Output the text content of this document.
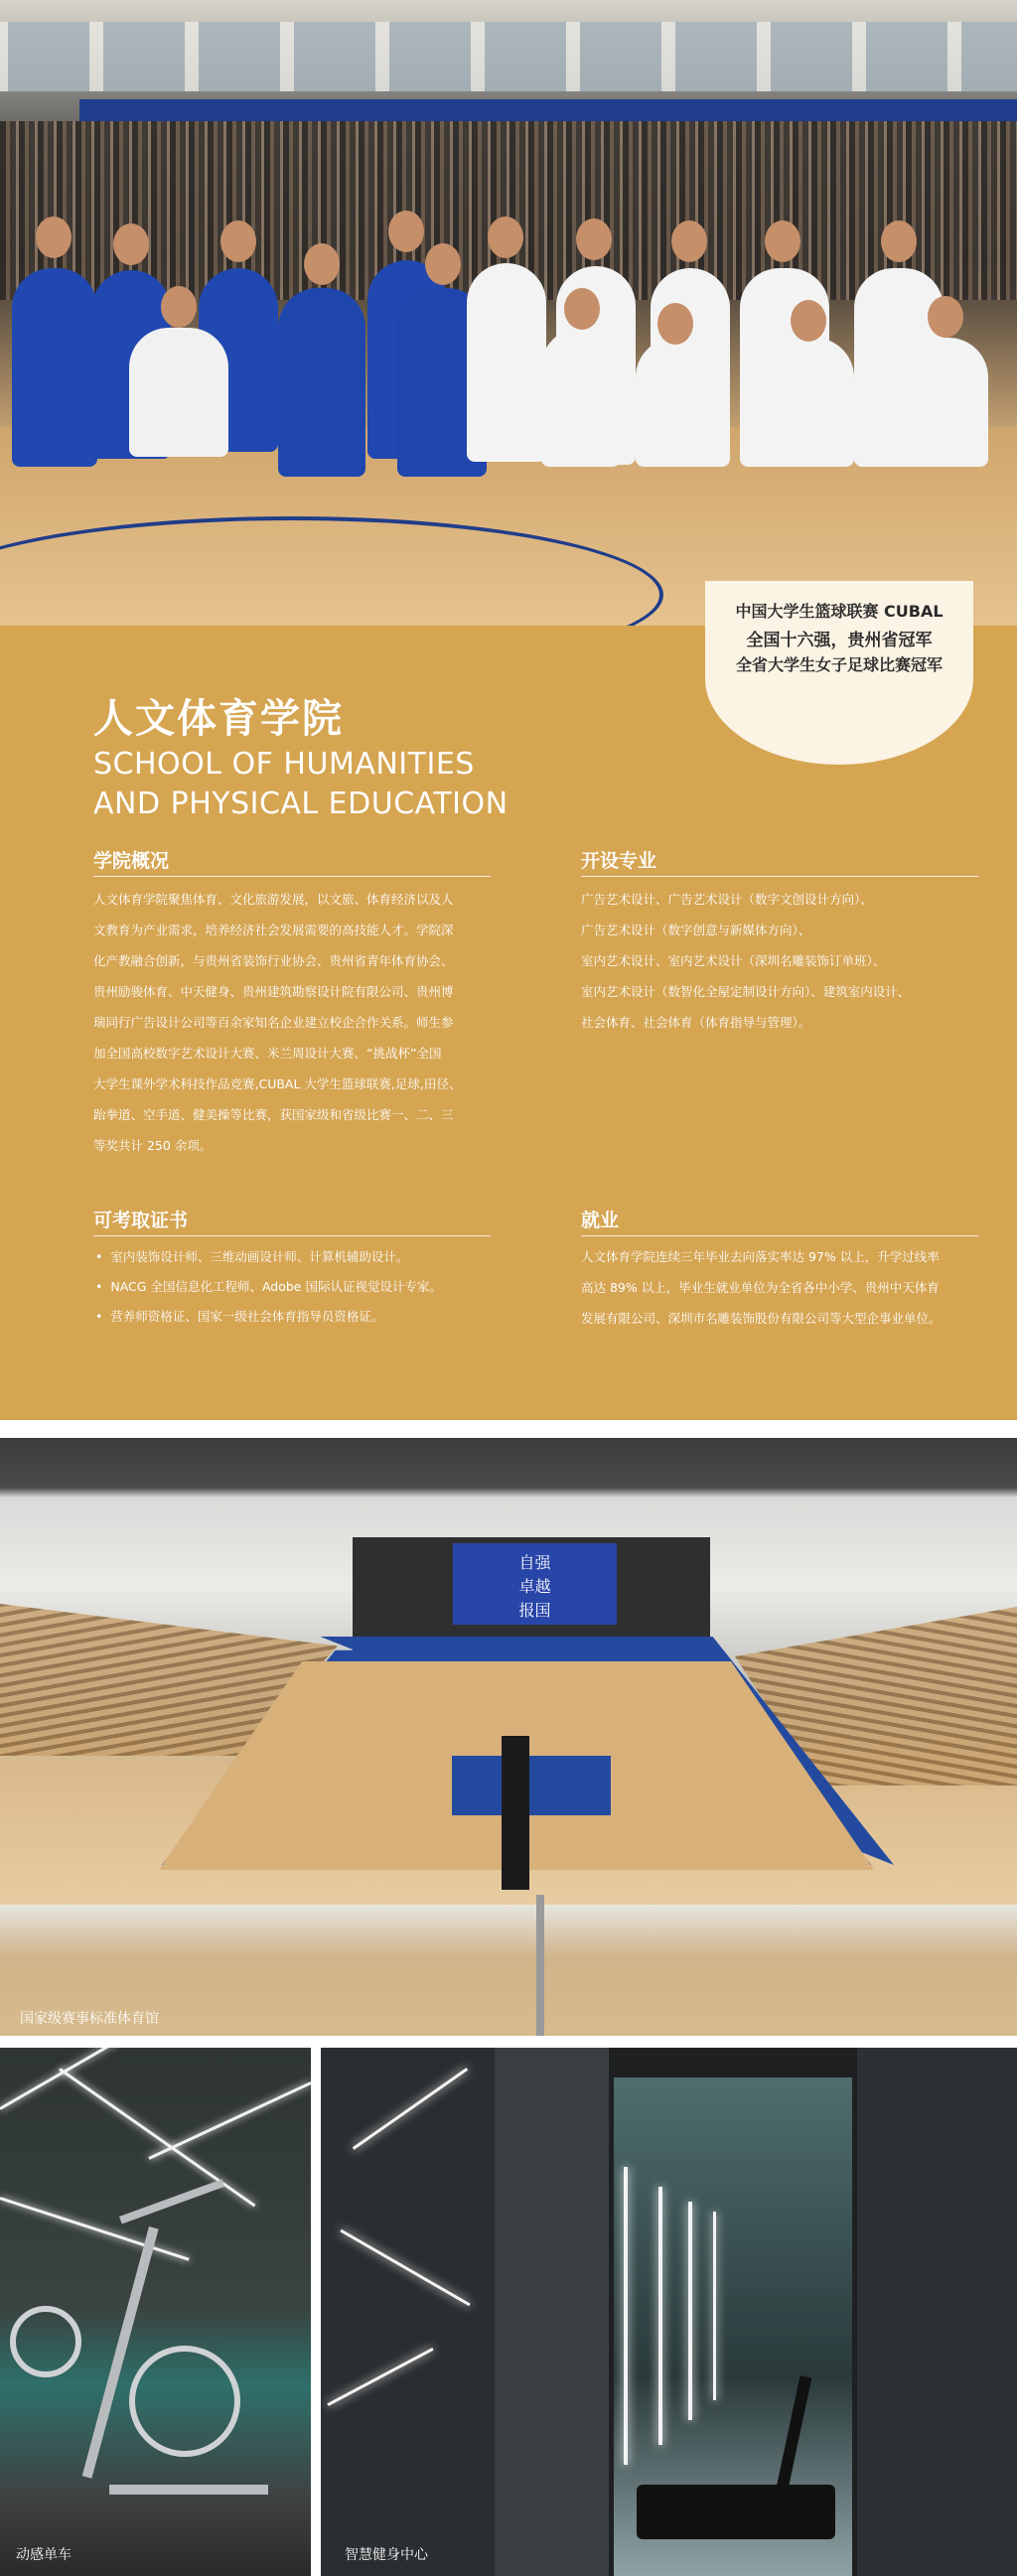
中国大学生篮球联赛 CUBAL
全国十六强，贵州省冠军
全省大学生女子足球比赛冠军
人文体育学院
SCHOOL OF HUMANITIES
AND PHYSICAL EDUCATION
学院概况
人文体育学院聚焦体育、文化旅游发展，以文旅、体育经济以及人
文教育为产业需求，培养经济社会发展需要的高技能人才。学院深
化产教融合创新，与贵州省装饰行业协会、贵州省青年体育协会、
贵州励骏体育、中天健身、贵州建筑勘察设计院有限公司、贵州博
瑞同行广告设计公司等百余家知名企业建立校企合作关系。师生参
加全国高校数字艺术设计大赛、米兰周设计大赛、“挑战杯”全国
大学生课外学术科技作品竞赛,CUBAL 大学生篮球联赛,足球,田径、
跆拳道、空手道、健美操等比赛，获国家级和省级比赛一、二、三
等奖共计 250 余项。
开设专业
广告艺术设计、广告艺术设计（数字文创设计方向）、
广告艺术设计（数字创意与新媒体方向）、
室内艺术设计、室内艺术设计（深圳名雕装饰订单班）、
室内艺术设计（数智化全屋定制设计方向）、建筑室内设计、
社会体育、社会体育（体育指导与管理）。
可考取证书
• 室内装饰设计师、三维动画设计师、计算机辅助设计。
• NACG 全国信息化工程师、Adobe 国际认证视觉设计专家。
• 营养师资格证、国家一级社会体育指导员资格证。
就业
人文体育学院连续三年毕业去向落实率达 97% 以上，升学过线率
高达 89% 以上，毕业生就业单位为全省各中小学、贵州中天体育
发展有限公司、深圳市名雕装饰股份有限公司等大型企事业单位。
自强
卓越
报国
国家级赛事标准体育馆
动感单车	智慧健身中心
